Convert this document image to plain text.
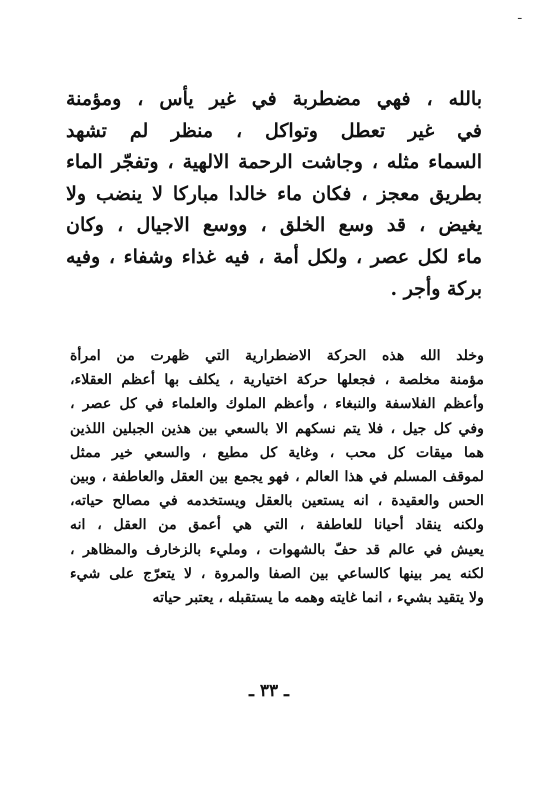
ـ
بالله ، فهي مضطربة في غير يأس ، ومؤمنة
في غير تعطل وتواكل ، منظر لم تشهد
السماء مثله ، وجاشت الرحمة الالهية ، وتفجّر الماء
بطريق معجز ، فكان ماء خالدا مباركا لا ينضب ولا
يغيض ، قد وسع الخلق ، ووسع الاجيال ، وكان
ماء لكل عصر ، ولكل أمة ، فيه غذاء وشفاء ، وفيه
بركة وأجر .
وخلد الله هذه الحركة الاضطرارية التي ظهرت من امرأة
مؤمنة مخلصة ، فجعلها حركة اختيارية ، يكلف بها أعظم العقلاء،
وأعظم الفلاسفة والنبغاء ، وأعظم الملوك والعلماء في كل عصر ،
وفي كل جيل ، فلا يتم نسكهم الا بالسعي بين هذين الجبلين اللذين
هما ميقات كل محب ، وغاية كل مطيع ، والسعي خير ممثل
لموقف المسلم في هذا العالم ، فهو يجمع بين العقل والعاطفة ، وبين
الحس والعقيدة ، انه يستعين بالعقل ويستخدمه في مصالح حياته،
ولكنه ينقاد أحيانا للعاطفة ، التي هي أعمق من العقل ، انه
يعيش في عالم قد حفّ بالشهوات ، ومليء بالزخارف والمظاهر ،
لكنه يمر بينها كالساعي بين الصفا والمروة ، لا يتعرّج على شيء
ولا يتقيد بشيء ، انما غايته وهمه ما يستقبله ، يعتبر حياته
ـ ٣٣ ـ
